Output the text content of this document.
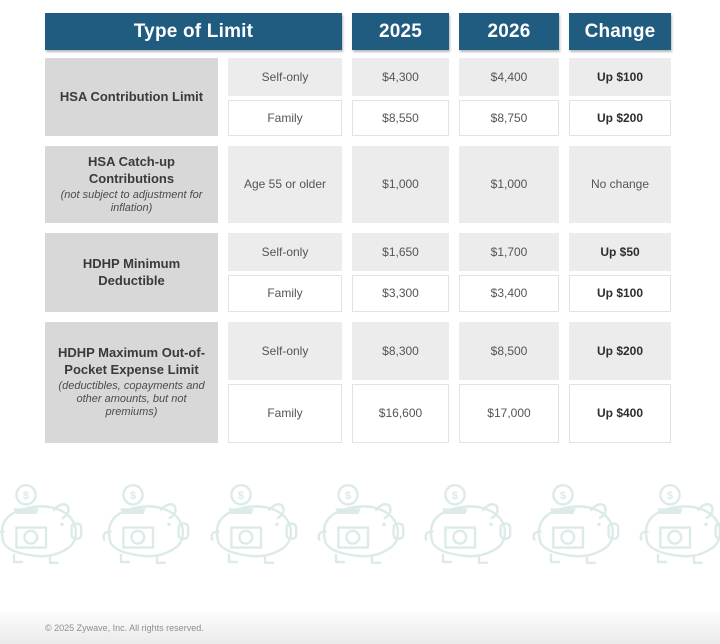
Type of Limit	2025	2026	Change
HSA Contribution Limit
Self-only	$4,300	$4,400	Up $100
Family	$8,550	$8,750	Up $200
HSA Catch-up Contributions
(not subject to adjustment for inflation)
Age 55 or older	$1,000	$1,000	No change
HDHP Minimum Deductible
Self-only	$1,650	$1,700	Up $50
Family	$3,300	$3,400	Up $100
HDHP Maximum Out-of-Pocket Expense Limit
(deductibles, copayments and other amounts, but not premiums)
Self-only	$8,300	$8,500	Up $200
Family	$16,600	$17,000	Up $400
© 2025 Zywave, Inc. All rights reserved.
